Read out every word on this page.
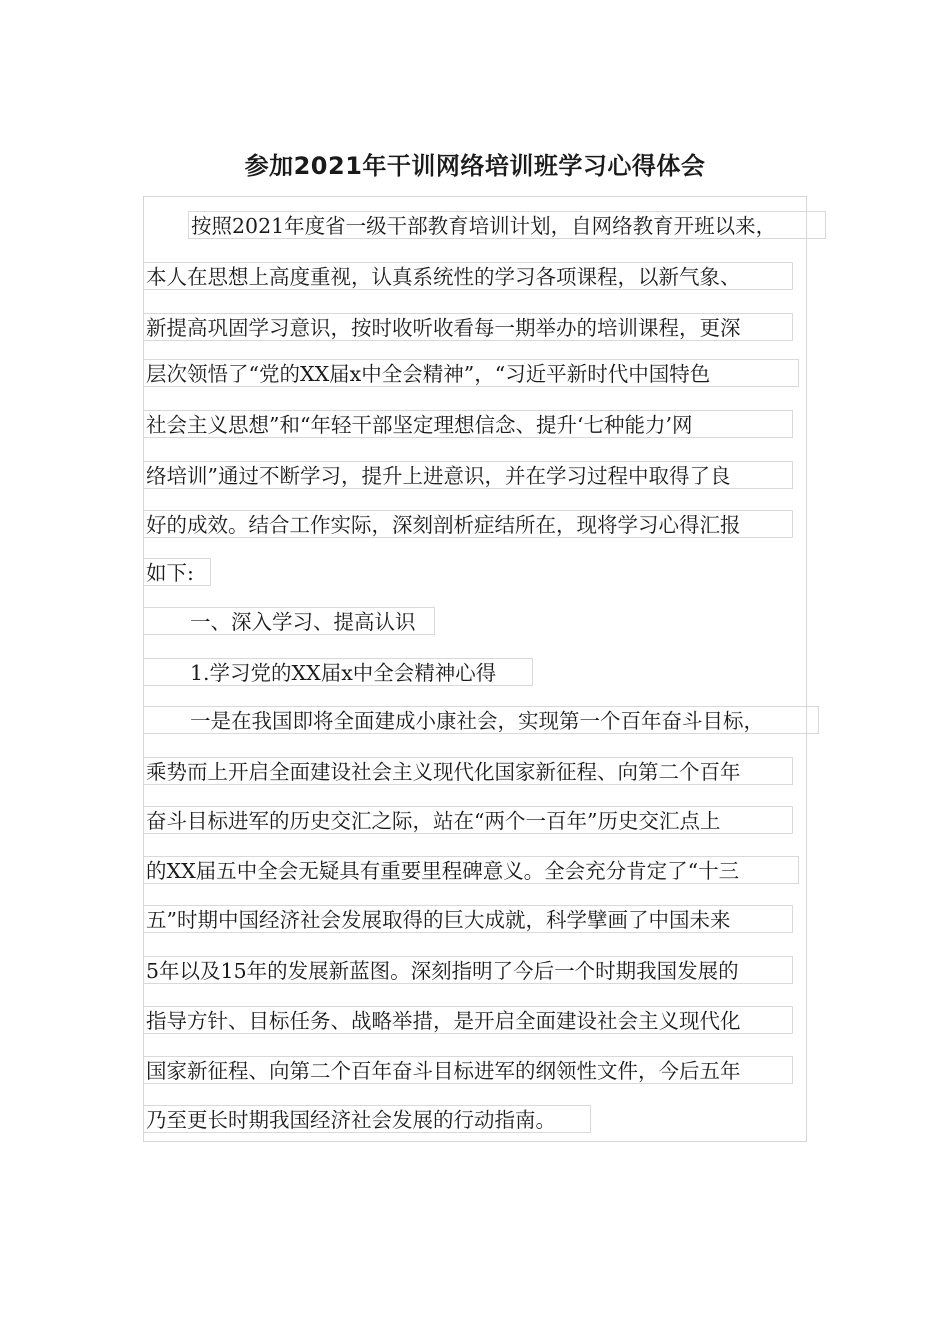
参加2021年干训网络培训班学习心得体会
按照2021年度省一级干部教育培训计划，自网络教育开班以来，
本人在思想上高度重视，认真系统性的学习各项课程，以新气象、
新提高巩固学习意识，按时收听收看每一期举办的培训课程，更深
层次领悟了“党的XX届x中全会精神”，“习近平新时代中国特色
社会主义思想”和“年轻干部坚定理想信念、提升‘七种能力’网
络培训”通过不断学习，提升上进意识，并在学习过程中取得了良
好的成效。结合工作实际，深刻剖析症结所在，现将学习心得汇报
如下:
一、深入学习、提高认识
1.学习党的XX届x中全会精神心得
一是在我国即将全面建成小康社会，实现第一个百年奋斗目标，
乘势而上开启全面建设社会主义现代化国家新征程、向第二个百年
奋斗目标进军的历史交汇之际，站在“两个一百年”历史交汇点上
的XX届五中全会无疑具有重要里程碑意义。全会充分肯定了“十三
五”时期中国经济社会发展取得的巨大成就，科学擘画了中国未来
5年以及15年的发展新蓝图。深刻指明了今后一个时期我国发展的
指导方针、目标任务、战略举措，是开启全面建设社会主义现代化
国家新征程、向第二个百年奋斗目标进军的纲领性文件，今后五年
乃至更长时期我国经济社会发展的行动指南。
